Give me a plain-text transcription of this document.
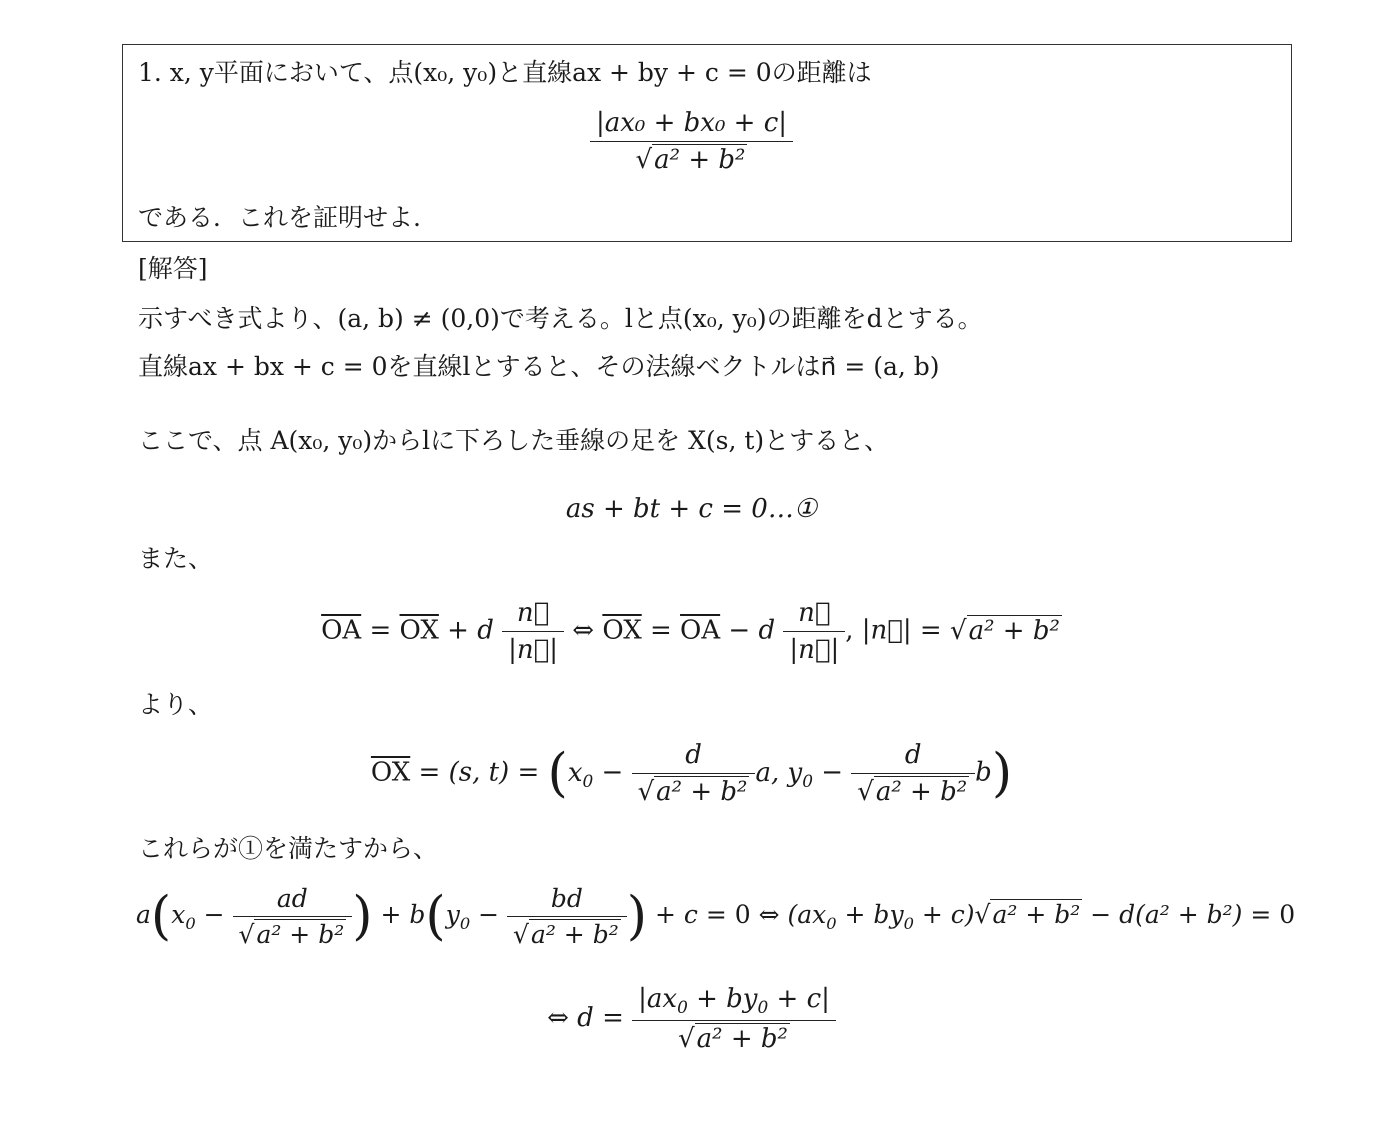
1. x, y平面において、点(x₀, y₀)と直線ax + by + c = 0の距離は
$\frac{\text{|ax₀ + bx₀ + c|}}{\text{√a² + b²}}$
である．これを証明せよ.
[解答]
示すべき式より、(a, b) ≠ (0,0)で考える。lと点(x₀, y₀)の距離をdとする。
直線ax + bx + c = 0を直線lとすると、その法線ベクトルはn⃗ = (a, b)
ここで、点 A(x₀, y₀)からlに下ろした垂線の足を X(s, t)とすると、
as + bt + c = 0…①
また、
$\overline{OA} = \overline{OX} + d \frac{n⃗}{|n⃗|}$ ⇔ $\overline{OX} = \overline{OA} - d \frac{n⃗}{|n⃗|}$ , |n⃗| = √a² + b²
より、
$\overline{OX} = (s$, $t) = (x_0 - \frac{d}{\text{√a² + b²}} a$, $y_0 - \frac{d}{\text{√a² + b²}} b$)
これらが①を満たすから、
$a(x_0 - \frac{ad}{\text{√a² + b²}}$ ) + $b(y_0 - \frac{bd}{\text{√a² + b²}}$ ) + c = 0 ⇔ $(ax_0 + by_0 + c)√a^2 + b^2 - d(a^2 + b^2) = 0$
⇔ $d = \frac{|ax_0 + by_0 + c|}{\text{√a² + b²}}$
